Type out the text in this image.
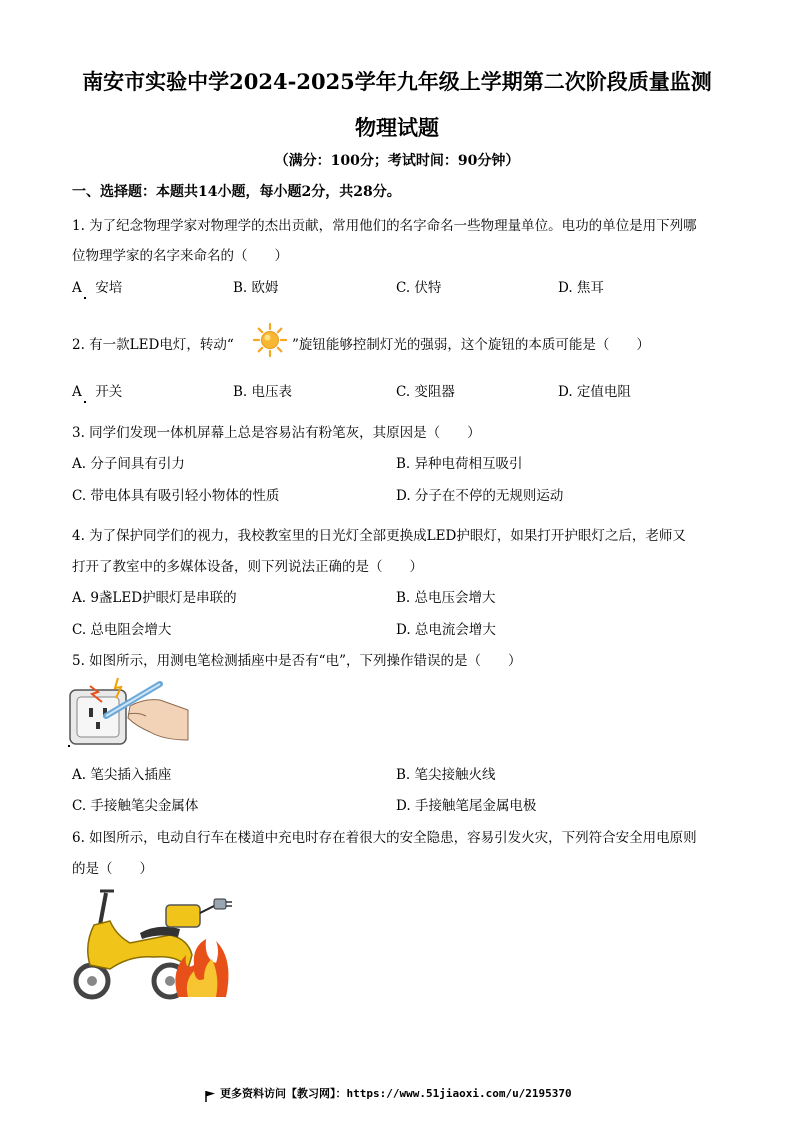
南安市实验中学2024-2025学年九年级上学期第二次阶段质量监测
物理试题
（满分：100分；考试时间：90分钟）
一、选择题：本题共14小题，每小题2分，共28分。
1. 为了纪念物理学家对物理学的杰出贡献，常用他们的名字命名一些物理量单位。电功的单位是用下列哪
位物理学家的名字来命名的（　　）
A　安培	B. 欧姆	C. 伏特	D. 焦耳
2. 有一款LED电灯，转动“	”旋钮能够控制灯光的强弱，这个旋钮的本质可能是（　　）
A　开关	B. 电压表	C. 变阻器	D. 定值电阻
3. 同学们发现一体机屏幕上总是容易沾有粉笔灰，其原因是（　　）
A. 分子间具有引力	B. 异种电荷相互吸引
C. 带电体具有吸引轻小物体的性质	D. 分子在不停的无规则运动
4. 为了保护同学们的视力，我校教室里的日光灯全部更换成LED护眼灯，如果打开护眼灯之后，老师又
打开了教室中的多媒体设备，则下列说法正确的是（　　）
A. 9盏LED护眼灯是串联的	B. 总电压会增大
C. 总电阻会增大	D. 总电流会增大
5. 如图所示，用测电笔检测插座中是否有“电”，下列操作错误的是（　　）
A. 笔尖插入插座	B. 笔尖接触火线
C. 手接触笔尖金属体	D. 手接触笔尾金属电极
6. 如图所示，电动自行车在楼道中充电时存在着很大的安全隐患，容易引发火灾，下列符合安全用电原则
的是（　　）
更多资料访问【教习网】：https://www.51jiaoxi.com/u/2195370
